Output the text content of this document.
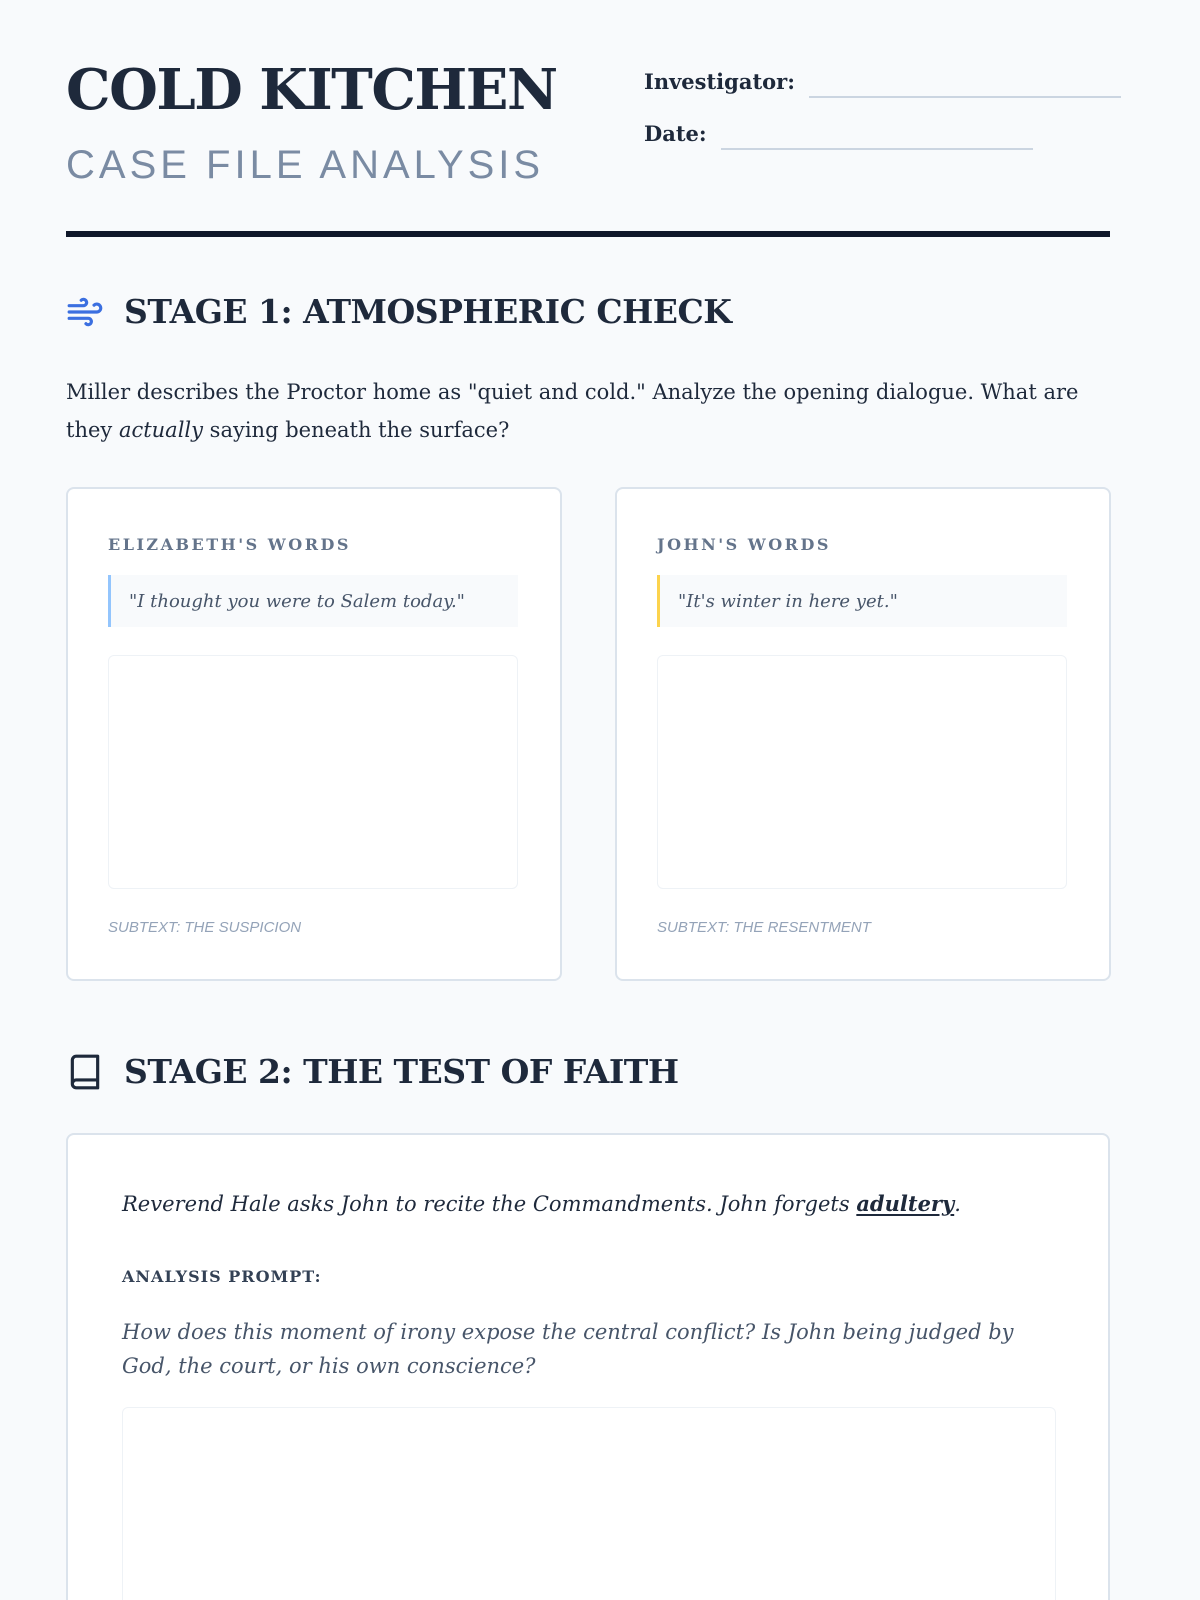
COLD KITCHEN
CASE FILE ANALYSIS
Investigator:
Date:
STAGE 1: ATMOSPHERIC CHECK
Miller describes the Proctor home as "quiet and cold." Analyze the opening dialogue. What are they actually saying beneath the surface?
ELIZABETH'S WORDS
"I thought you were to Salem today."
SUBTEXT: THE SUSPICION
JOHN'S WORDS
"It's winter in here yet."
SUBTEXT: THE RESENTMENT
STAGE 2: THE TEST OF FAITH
Reverend Hale asks John to recite the Commandments. John forgets adultery.
ANALYSIS PROMPT:
How does this moment of irony expose the central conflict? Is John being judged by God, the court, or his own conscience?
